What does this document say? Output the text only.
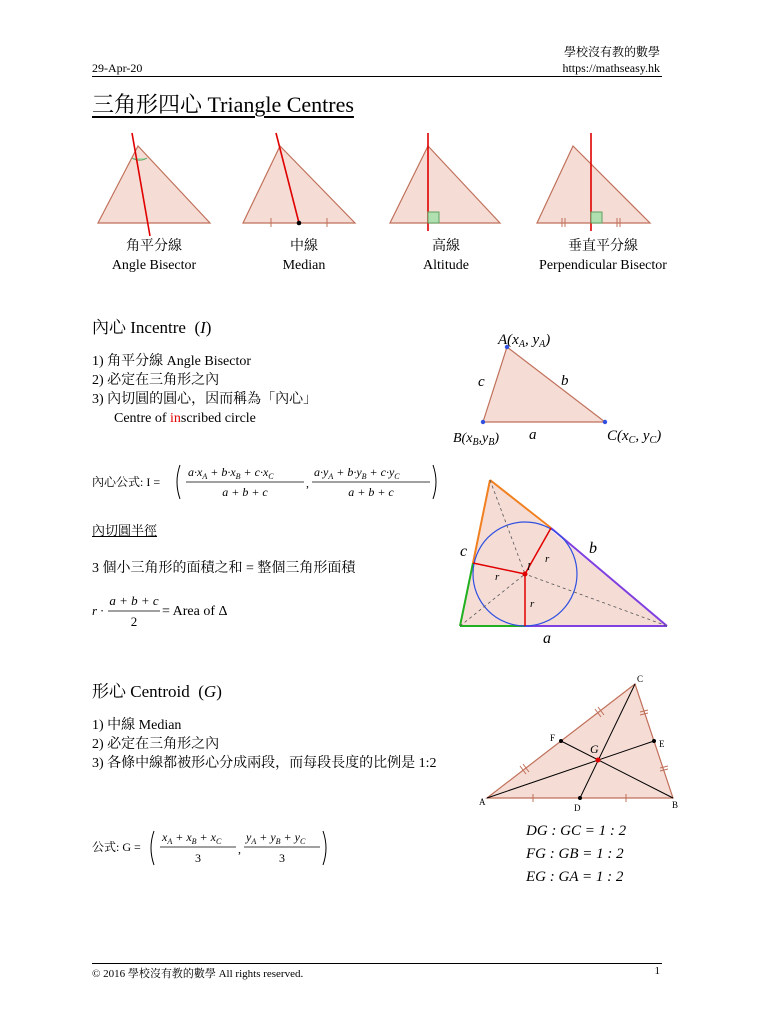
29-Apr-20
學校沒有教的數學
https://mathseasy.hk
三角形四心 Triangle Centres
角平分線
Angle Bisector
中線
Median
高線
Altitude
垂直平分線
Perpendicular Bisector
內心 Incentre  (I)
1) 角平分線 Angle Bisector
2) 必定在三角形之內
3) 內切圓的圓心，因而稱為「內心」
Centre of inscribed circle
$A(x_A$, $y_A$)
$B(x_B,y_B)$	$C(x_C$, $y_C$)
c	b
a
內心公式: I =
$a\cdot x_A + b\cdot x_B + c\cdot x_C$
a + b + c
,
$a\cdot y_A + b\cdot y_B + c\cdot y_C$
a + b + c
內切圓半徑
3 個小三角形的面積之和 = 整個三角形面積
r ·
a + b + c
2
= Area of Δ
I
r
r
r
c	b
a
形心 Centroid  (G)
1) 中線 Median
2) 必定在三角形之內
3) 各條中線都被形心分成兩段，而每段長度的比例是 1:2
A	B
C
D
E
F
G
公式: G =
$x_A + x_B + x_C$
3
,
$y_A + y_B + y_C$
3
DG : GC = 1 : 2
FG : GB = 1 : 2
EG : GA = 1 : 2
© 2016 學校沒有教的數學 All rights reserved.	1
